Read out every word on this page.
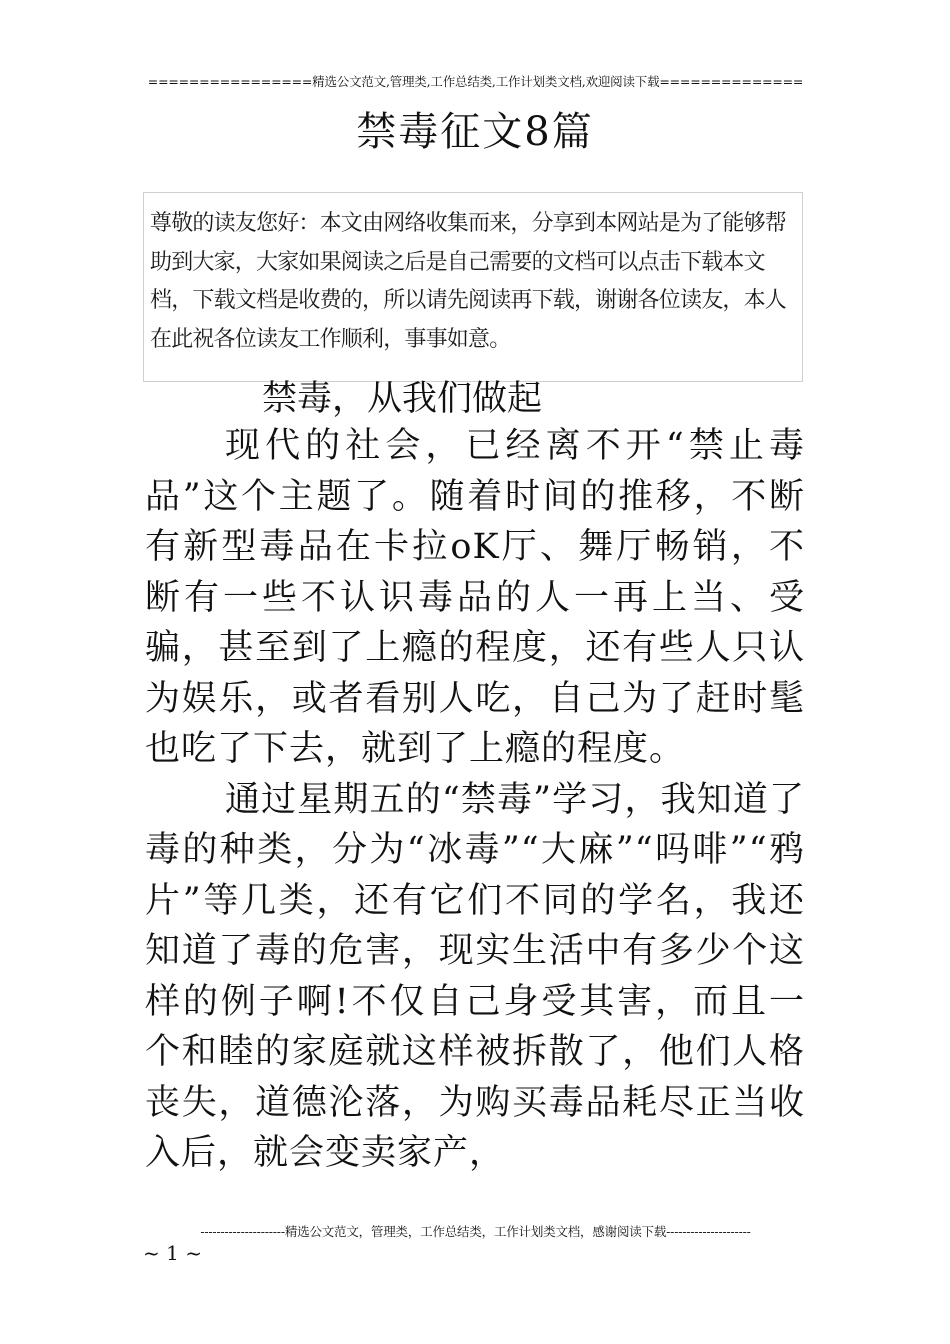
================精选公文范文,管理类,工作总结类,工作计划类文档,欢迎阅读下载==============
禁毒征文8篇
尊敬的读友您好：本文由网络收集而来，分享到本网站是为了能够帮助到大家，大家如果阅读之后是自己需要的文档可以点击下载本文档，下载文档是收费的，所以请先阅读再下载，谢谢各位读友，本人在此祝各位读友工作顺利，事事如意。
禁毒，从我们做起

现代的社会，已经离不开“禁止毒品”这个主题了。随着时间的推移，不断有新型毒品在卡拉oK厅、舞厅畅销，不断有一些不认识毒品的人一再上当、受骗，甚至到了上瘾的程度，还有些人只认为娱乐，或者看别人吃，自己为了赶时髦也吃了下去，就到了上瘾的程度。

通过星期五的“禁毒”学习，我知道了毒的种类，分为“冰毒”“大麻”“吗啡”“鸦片”等几类，还有它们不同的学名，我还知道了毒的危害，现实生活中有多少个这样的例子啊!不仅自己身受其害，而且一个和睦的家庭就这样被拆散了，他们人格丧失，道德沦落，为购买毒品耗尽正当收入后，就会变卖家产，

---------------------精选公文范文，管理类，工作总结类，工作计划类文档，感谢阅读下载---------------------
~ 1 ~
